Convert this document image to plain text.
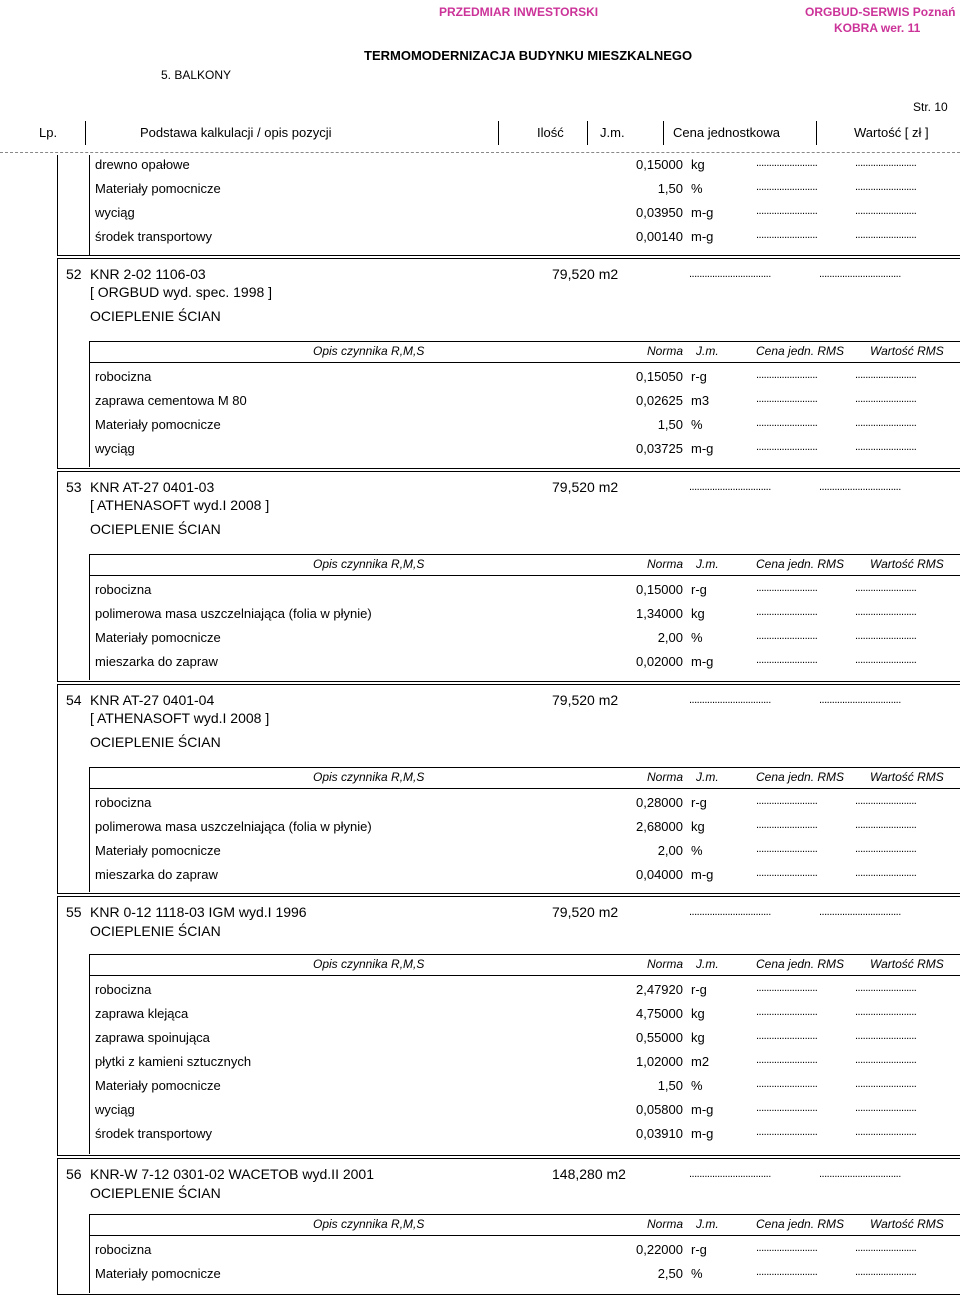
PRZEDMIAR INWESTORSKI	ORGBUD-SERWIS Poznań
KOBRA wer. 11
TERMOMODERNIZACJA BUDYNKU MIESZKALNEGO
5. BALKONY
Str. 10
Lp.	Podstawa kalkulacji / opis pozycji	Ilość	J.m.	Cena jednostkowa	Wartość [ zł ]
drewno opałowe	0,15000 kg	........................	........................
Materiały pomocnicze	1,50 %	........................	........................
wyciąg	0,03950 m-g	........................	........................
środek transportowy	0,00140 m-g	........................	........................
52 KNR 2-02 1106-03	79,520 m2	................................	................................
[ ORGBUD wyd. spec. 1998 ]
OCIEPLENIE ŚCIAN
Opis czynnika R,M,S	Norma J.m.	Cena jedn. RMS Wartość RMS
robocizna	0,15050 r-g	........................	........................
zaprawa cementowa M 80	0,02625 m3	........................	........................
Materiały pomocnicze	1,50 %	........................	........................
wyciąg	0,03725 m-g	........................	........................
53 KNR AT-27 0401-03	79,520 m2	................................	................................
[ ATHENASOFT wyd.I 2008 ]
OCIEPLENIE ŚCIAN
Opis czynnika R,M,S	Norma J.m.	Cena jedn. RMS Wartość RMS
robocizna	0,15000 r-g	........................	........................
polimerowa masa uszczelniająca (folia w płynie)	1,34000 kg	........................	........................
Materiały pomocnicze	2,00 %	........................	........................
mieszarka do zapraw	0,02000 m-g	........................	........................
54 KNR AT-27 0401-04	79,520 m2	................................	................................
[ ATHENASOFT wyd.I 2008 ]
OCIEPLENIE ŚCIAN
Opis czynnika R,M,S	Norma J.m.	Cena jedn. RMS Wartość RMS
robocizna	0,28000 r-g	........................	........................
polimerowa masa uszczelniająca (folia w płynie)	2,68000 kg	........................	........................
Materiały pomocnicze	2,00 %	........................	........................
mieszarka do zapraw	0,04000 m-g	........................	........................
55 KNR 0-12 1118-03 IGM wyd.I 1996	79,520 m2	................................	................................
OCIEPLENIE ŚCIAN
Opis czynnika R,M,S	Norma J.m.	Cena jedn. RMS Wartość RMS
robocizna	2,47920 r-g	........................	........................
zaprawa klejąca	4,75000 kg	........................	........................
zaprawa spoinująca	0,55000 kg	........................	........................
płytki z kamieni sztucznych	1,02000 m2	........................	........................
Materiały pomocnicze	1,50 %	........................	........................
wyciąg	0,05800 m-g	........................	........................
środek transportowy	0,03910 m-g	........................	........................
56 KNR-W 7-12 0301-02 WACETOB wyd.II 2001	148,280 m2	................................	................................
OCIEPLENIE ŚCIAN
Opis czynnika R,M,S	Norma J.m.	Cena jedn. RMS Wartość RMS
robocizna	0,22000 r-g	........................	........................
Materiały pomocnicze	2,50 %	........................	........................
